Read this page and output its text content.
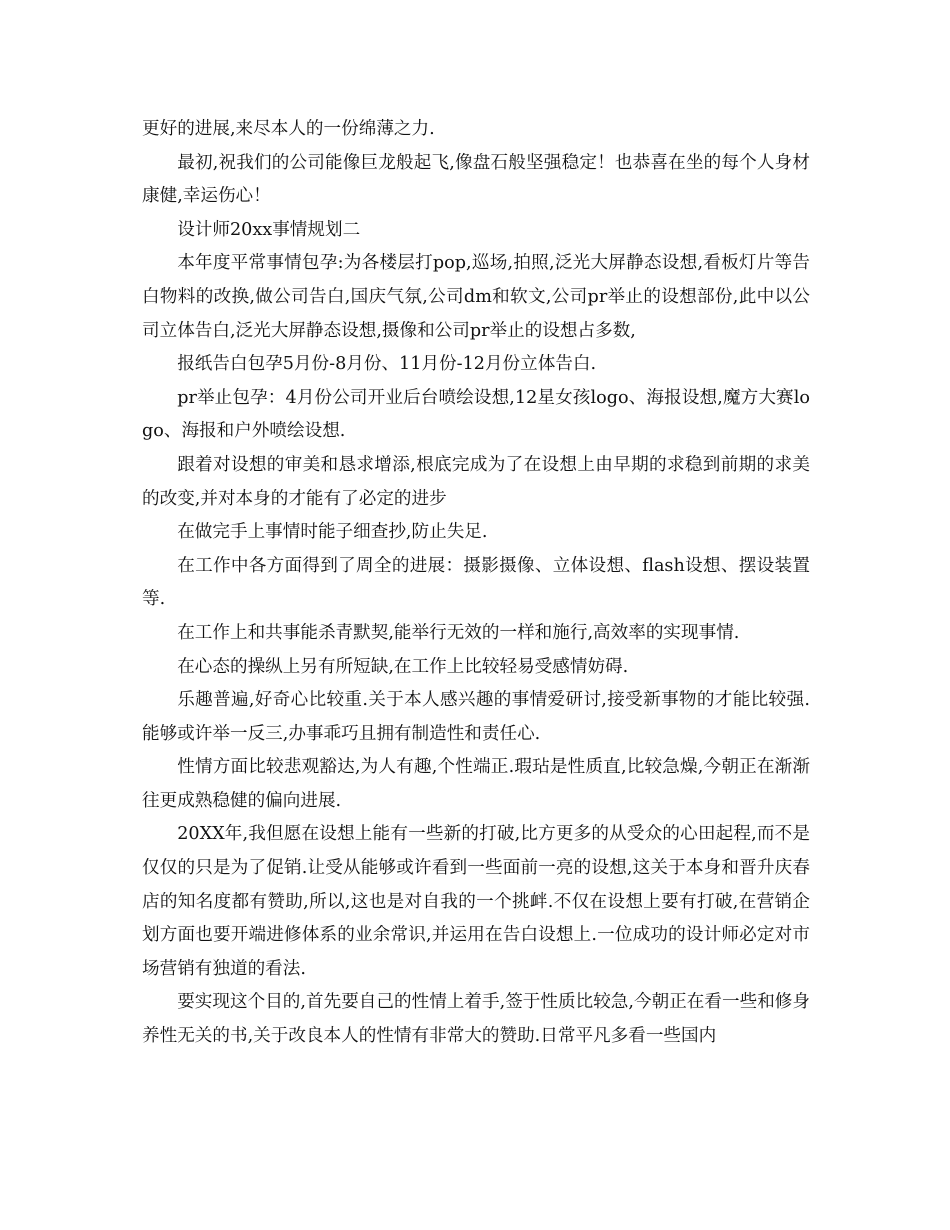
更好的进展,来尽本人的一份绵薄之力.

最初,祝我们的公司能像巨龙般起飞,像盘石般坚强稳定！也恭喜在坐的每个人身材康健,幸运伤心！

设计师20xx事情规划二

本年度平常事情包孕:为各楼层打pop,巡场,拍照,泛光大屏静态设想,看板灯片等告白物料的改换,做公司告白,国庆气氛,公司dm和软文,公司pr举止的设想部份,此中以公司立体告白,泛光大屏静态设想,摄像和公司pr举止的设想占多数,

报纸告白包孕5月份-8月份、11月份-12月份立体告白.

pr举止包孕：4月份公司开业后台喷绘设想,12星女孩logo、海报设想,魔方大赛logo、海报和户外喷绘设想.

跟着对设想的审美和恳求增添,根底完成为了在设想上由早期的求稳到前期的求美的改变,并对本身的才能有了必定的进步

在做完手上事情时能子细查抄,防止失足.

在工作中各方面得到了周全的进展：摄影摄像、立体设想、flash设想、摆设装置等.

在工作上和共事能杀青默契,能举行无效的一样和施行,高效率的实现事情.

在心态的操纵上另有所短缺,在工作上比较轻易受感情妨碍.

乐趣普遍,好奇心比较重.关于本人感兴趣的事情爱研讨,接受新事物的才能比较强.能够或许举一反三,办事乖巧且拥有制造性和责任心.

性情方面比较悲观豁达,为人有趣,个性端正.瑕玷是性质直,比较急燥,今朝正在渐渐往更成熟稳健的偏向进展.

20XX年,我但愿在设想上能有一些新的打破,比方更多的从受众的心田起程,而不是仅仅的只是为了促销.让受从能够或许看到一些面前一亮的设想,这关于本身和晋升庆春店的知名度都有赞助,所以,这也是对自我的一个挑衅.不仅在设想上要有打破,在营销企划方面也要开端进修体系的业余常识,并运用在告白设想上.一位成功的设计师必定对市场营销有独道的看法.

要实现这个目的,首先要自己的性情上着手,签于性质比较急,今朝正在看一些和修身养性无关的书,关于改良本人的性情有非常大的赞助.日常平凡多看一些国内
